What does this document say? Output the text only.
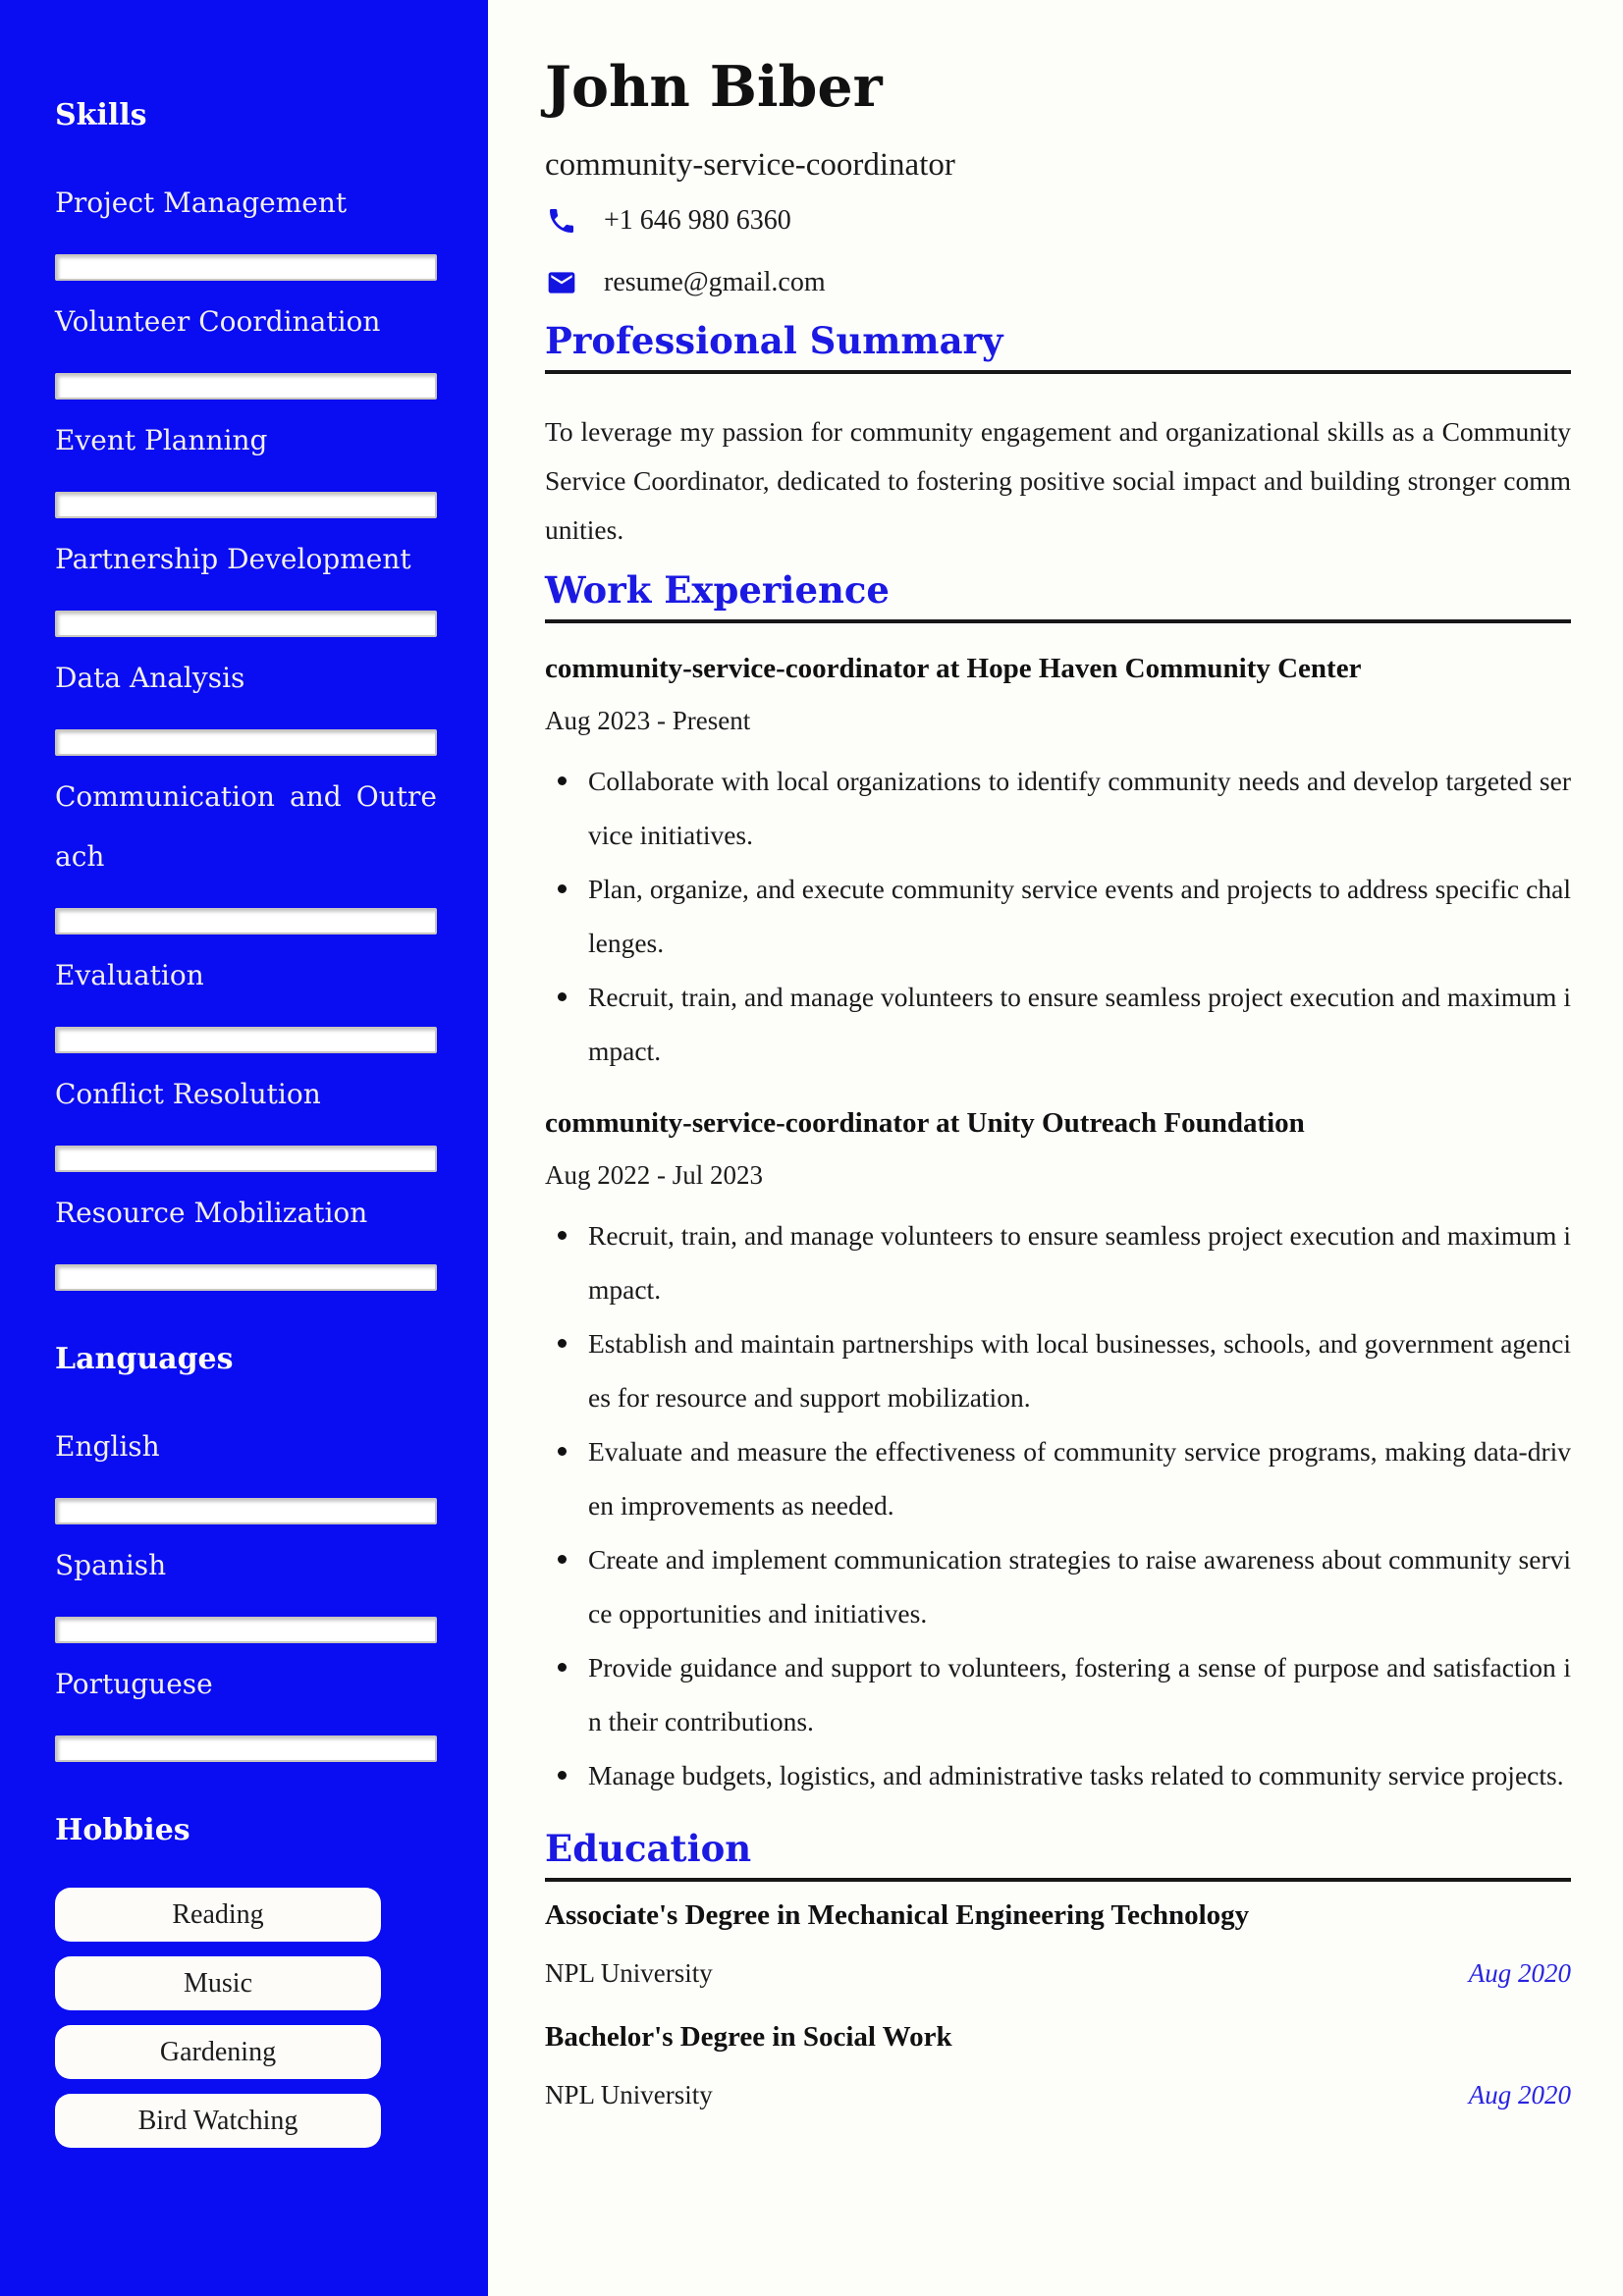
Skills
Project Management
Volunteer Coordination
Event Planning
Partnership Development
Data Analysis
Communication and Outreach
Evaluation
Conflict Resolution
Resource Mobilization
Languages
English
Spanish
Portuguese
Hobbies
Reading
Music
Gardening
Bird Watching
John Biber
community-service-coordinator
+1 646 980 6360
resume@gmail.com
Professional Summary

To leverage my passion for community engagement and organizational skills as a Community Service Coordinator, dedicated to fostering positive social impact and building stronger communities.

Work Experience
community-service-coordinator at Hope Haven Community Center
Aug 2023 - Present
Collaborate with local organizations to identify community needs and develop targeted service initiatives.
Plan, organize, and execute community service events and projects to address specific challenges.
Recruit, train, and manage volunteers to ensure seamless project execution and maximum impact.
community-service-coordinator at Unity Outreach Foundation
Aug 2022 - Jul 2023
Recruit, train, and manage volunteers to ensure seamless project execution and maximum impact.
Establish and maintain partnerships with local businesses, schools, and government agencies for resource and support mobilization.
Evaluate and measure the effectiveness of community service programs, making data-driven improvements as needed.
Create and implement communication strategies to raise awareness about community service opportunities and initiatives.
Provide guidance and support to volunteers, fostering a sense of purpose and satisfaction in their contributions.
Manage budgets, logistics, and administrative tasks related to community service projects.
Education
Associate's Degree in Mechanical Engineering Technology
NPL University	Aug 2020
Bachelor's Degree in Social Work
NPL University	Aug 2020
